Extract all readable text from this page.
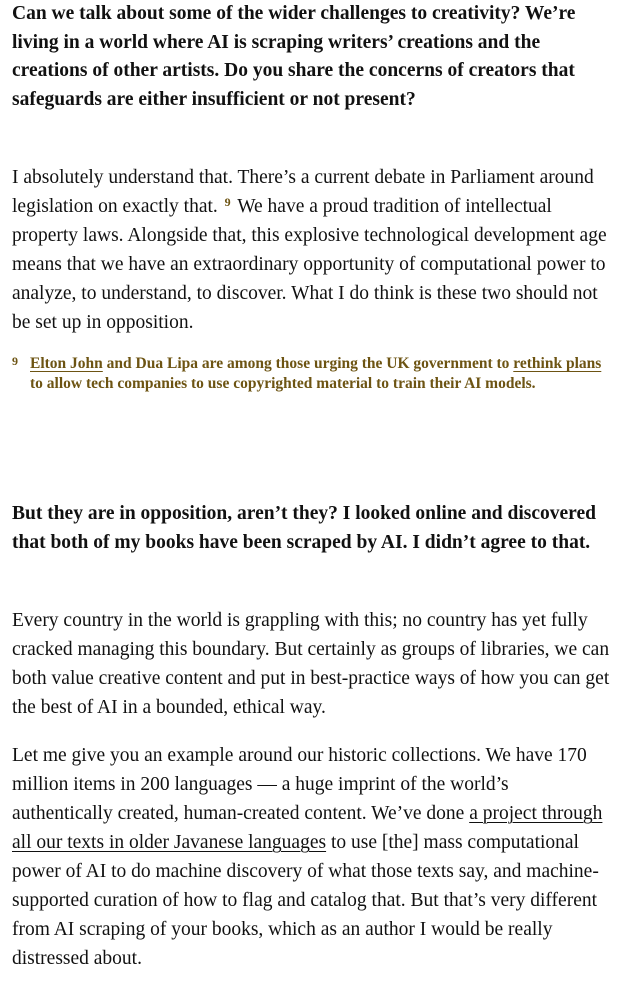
Can we talk about some of the wider challenges to creativity? We’re living in a world where AI is scraping writers’ creations and the creations of other artists. Do you share the concerns of creators that safeguards are either insufficient or not present?

I absolutely understand that. There’s a current debate in Parliament around legislation on exactly that. $^9$ We have a proud tradition of intellectual property laws. Alongside that, this explosive technological development age means that we have an extraordinary opportunity of computational power to analyze, to understand, to discover. What I do think is these two should not be set up in opposition.

9 Elton John and Dua Lipa are among those urging the UK government to rethink plans to allow tech companies to use copyrighted material to train their AI models.

But they are in opposition, aren’t they? I looked online and discovered that both of my books have been scraped by AI. I didn’t agree to that.

Every country in the world is grappling with this; no country has yet fully cracked managing this boundary. But certainly as groups of libraries, we can both value creative content and put in best-practice ways of how you can get the best of AI in a bounded, ethical way.

Let me give you an example around our historic collections. We have 170 million items in 200 languages — a huge imprint of the world’s authentically created, human-created content. We’ve done a project through all our texts in older Javanese languages to use [the] mass computational power of AI to do machine discovery of what those texts say, and machine-supported curation of how to flag and catalog that. But that’s very different from AI scraping of your books, which as an author I would be really distressed about.
